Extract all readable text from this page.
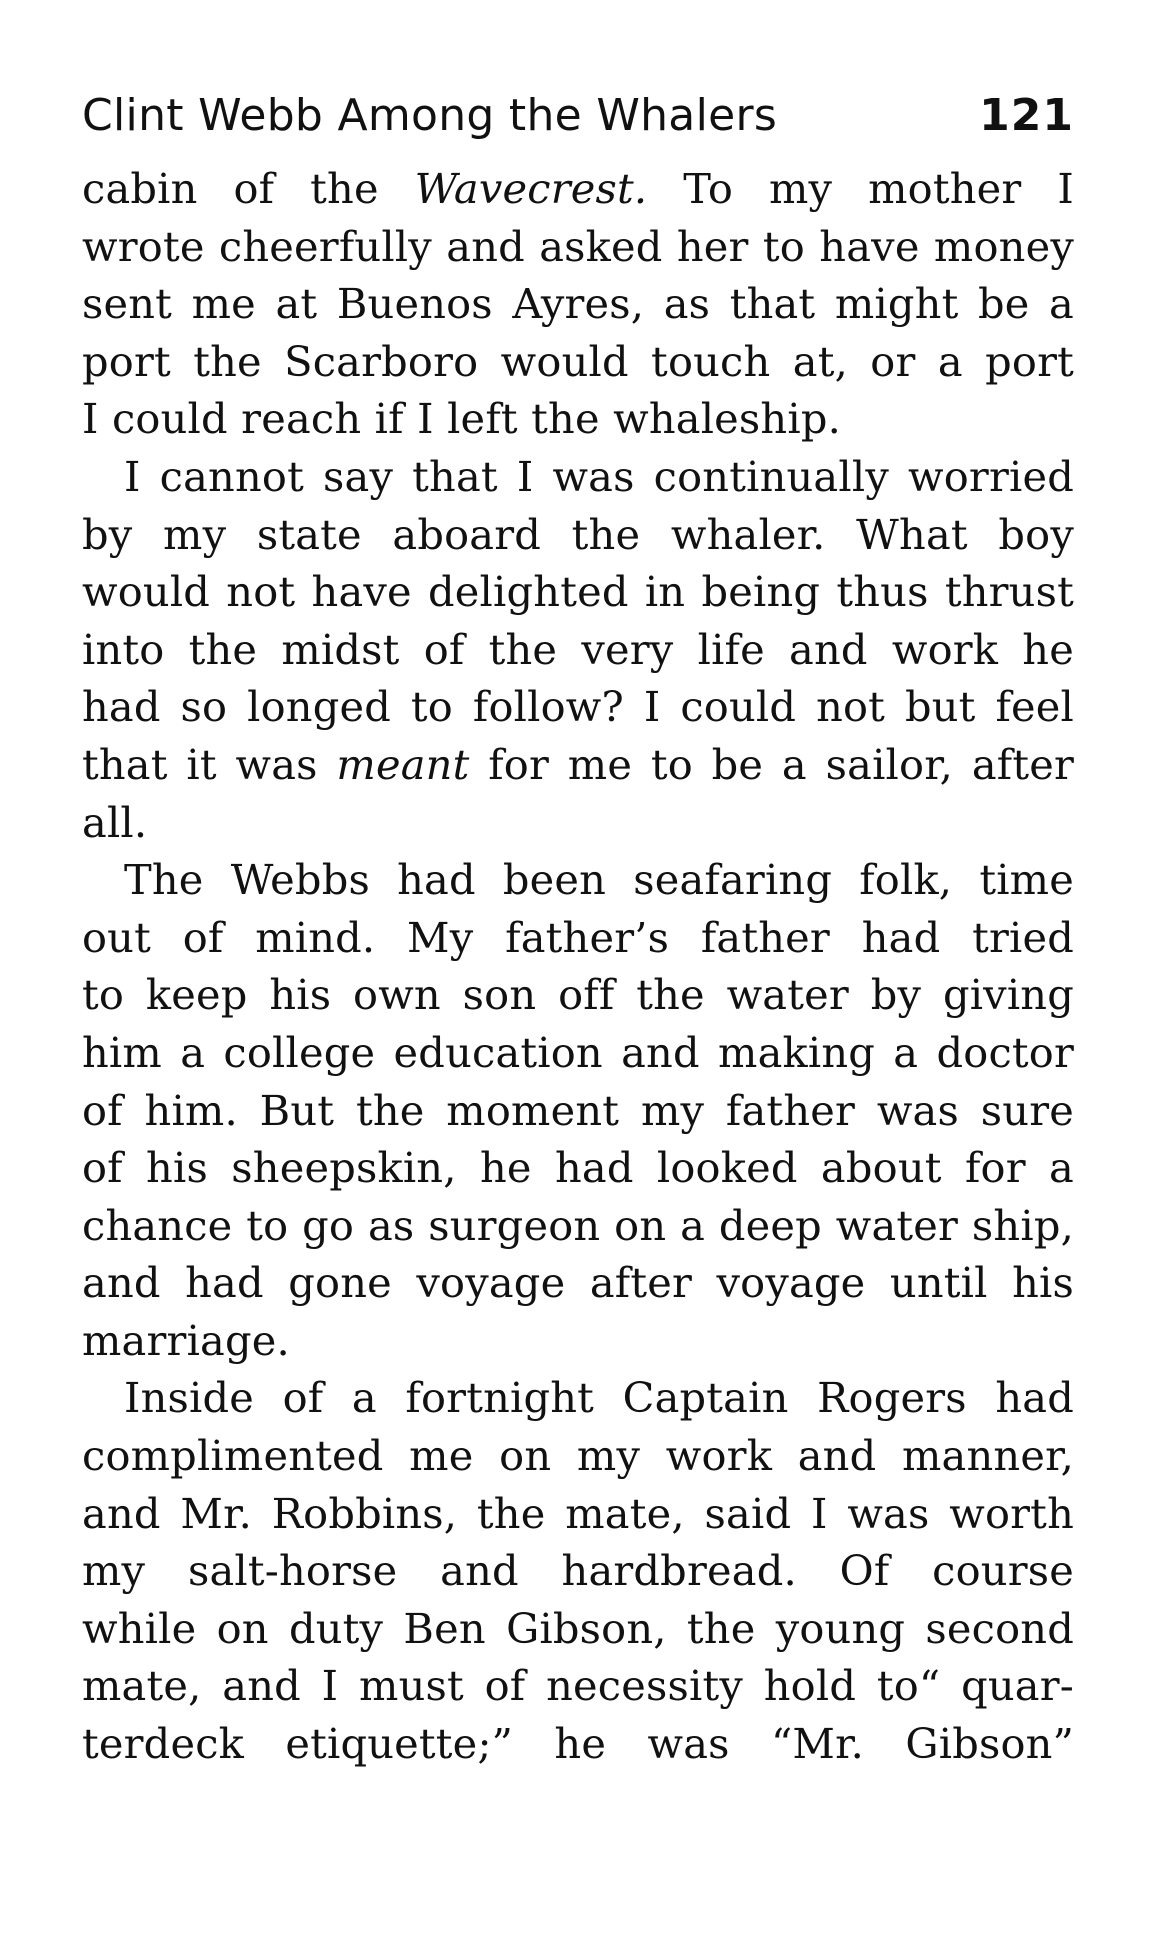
Clint Webb Among the Whalers	121
cabin of the Wavecrest. To my mother I
wrote cheerfully and asked her to have money
sent me at Buenos Ayres, as that might be a
port the Scarboro would touch at, or a port
I could reach if I left the whaleship.
I cannot say that I was continually worried
by my state aboard the whaler. What boy
would not have delighted in being thus thrust
into the midst of the very life and work he
had so longed to follow? I could not but feel
that it was meant for me to be a sailor, after
all.
The Webbs had been seafaring folk, time
out of mind. My father’s father had tried
to keep his own son off the water by giving
him a college education and making a doctor
of him. But the moment my father was sure
of his sheepskin, he had looked about for a
chance to go as surgeon on a deep water ship,
and had gone voyage after voyage until his
marriage.
Inside of a fortnight Captain Rogers had
complimented me on my work and manner,
and Mr. Robbins, the mate, said I was worth
my salt-horse and hardbread. Of course
while on duty Ben Gibson, the young second
mate, and I must of necessity hold to“ quar-
terdeck etiquette;” he was “Mr. Gibson”
